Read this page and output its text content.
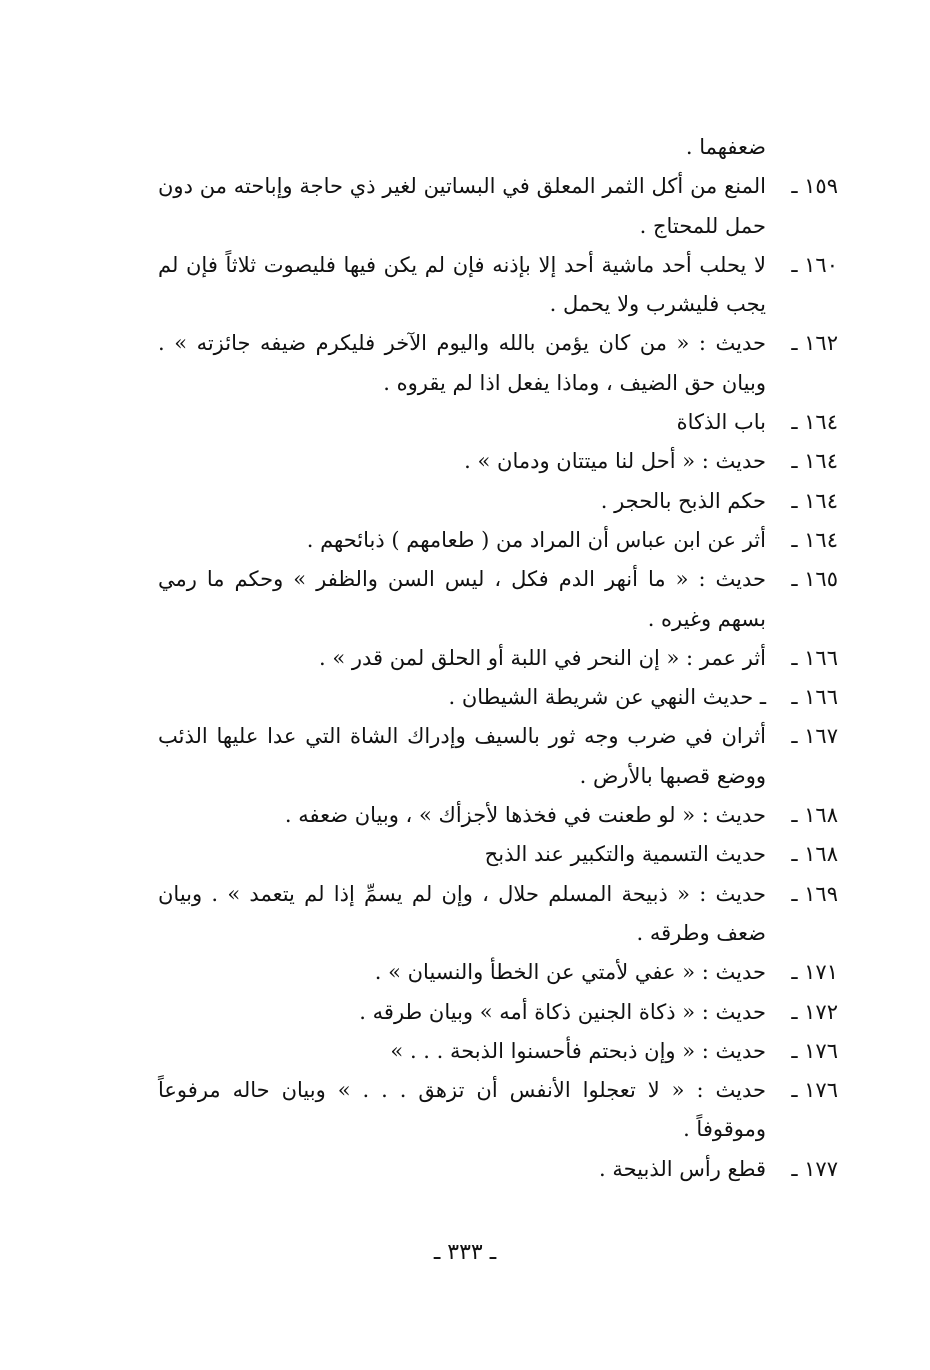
ضعفهما .
١٥٩ ـ
المنع من أكل الثمر المعلق في البساتين لغير ذي حاجة وإباحته من دون حمل للمحتاج .
١٦٠ ـ
لا يحلب أحد ماشية أحد إلا بإذنه فإن لم يكن فيها فليصوت ثلاثاً فإن لم يجب فليشرب ولا يحمل .
١٦٢ ـ
حديث : « من كان يؤمن بالله واليوم الآخر فليكرم ضيفه جائزته » . وبيان حق الضيف ، وماذا يفعل اذا لم يقروه .
١٦٤ ـ
باب الذكاة
١٦٤ ـ
حديث : « أحل لنا ميتتان ودمان » .
١٦٤ ـ
حكم الذبح بالحجر .
١٦٤ ـ
أثر عن ابن عباس أن المراد من ( طعامهم ) ذبائحهم .
١٦٥ ـ
حديث : « ما أنهر الدم فكل ، ليس السن والظفر » وحكم ما رمي بسهم وغيره .
١٦٦ ـ
أثر عمر : « إن النحر في اللبة أو الحلق لمن قدر » .
١٦٦ ـ
ـ حديث النهي عن شريطة الشيطان .
١٦٧ ـ
أثران في ضرب وجه ثور بالسيف وإدراك الشاة التي عدا عليها الذئب ووضع قصبها بالأرض .
١٦٨ ـ
حديث : « لو طعنت في فخذها لأجزأك » ، وبيان ضعفه .
١٦٨ ـ
حديث التسمية والتكبير عند الذبح
١٦٩ ـ
حديث : « ذبيحة المسلم حلال ، وإن لم يسمِّ إذا لم يتعمد » . وبيان ضعف وطرقه .
١٧١ ـ
حديث : « عفي لأمتي عن الخطأ والنسيان » .
١٧٢ ـ
حديث : « ذكاة الجنين ذكاة أمه » وبيان طرقه .
١٧٦ ـ
حديث : « وإن ذبحتم فأحسنوا الذبحة . . . »
١٧٦ ـ
حديث : « لا تعجلوا الأنفس أن تزهق . . . » وبيان حاله مرفوعاً وموقوفاً .
١٧٧ ـ
قطع رأس الذبيحة .
ـ ٣٣٣ ـ
